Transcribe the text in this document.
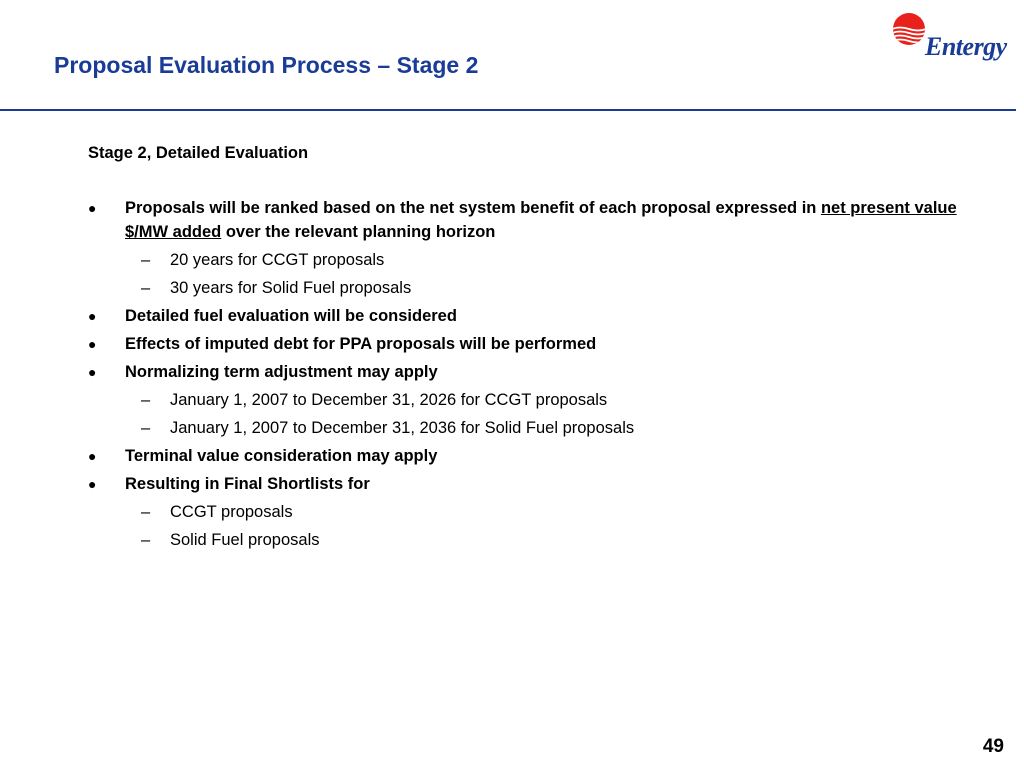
Proposal Evaluation Process – Stage 2
Entergy
Stage 2, Detailed Evaluation
● Proposals will be ranked based on the net system benefit of each proposal expressed in net present value $/MW added over the relevant planning horizon
– 20 years for CCGT proposals
– 30 years for Solid Fuel proposals
● Detailed fuel evaluation will be considered
● Effects of imputed debt for PPA proposals will be performed
● Normalizing term adjustment may apply
– January 1, 2007 to December 31, 2026 for CCGT proposals
– January 1, 2007 to December 31, 2036 for Solid Fuel proposals
● Terminal value consideration may apply
● Resulting in Final Shortlists for
– CCGT proposals
– Solid Fuel proposals
49
